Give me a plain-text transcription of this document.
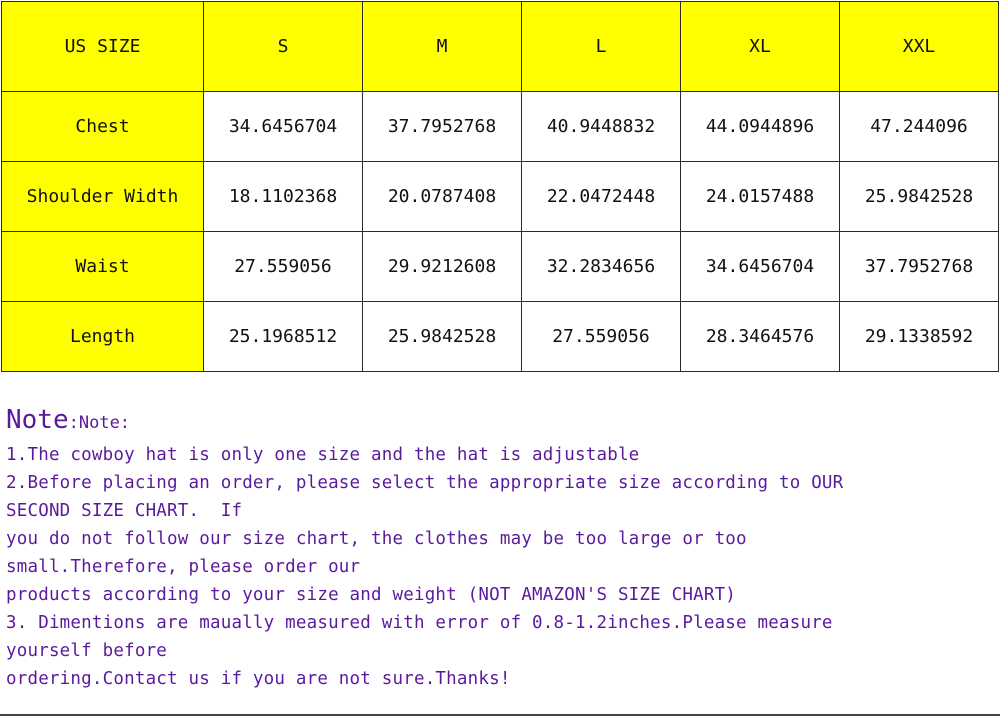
US SIZE	S	M	L	XL	XXL
Chest	34.6456704	37.7952768	40.9448832	44.0944896	47.244096
Shoulder Width	18.1102368	20.0787408	22.0472448	24.0157488	25.9842528
Waist	27.559056	29.9212608	32.2834656	34.6456704	37.7952768
Length	25.1968512	25.9842528	27.559056	28.3464576	29.1338592
Note:Note:
1.The cowboy hat is only one size and the hat is adjustable
2.Before placing an order, please select the appropriate size according to OUR
SECOND SIZE CHART.  If
you do not follow our size chart, the clothes may be too large or too
small.Therefore, please order our
products according to your size and weight (NOT AMAZON'S SIZE CHART)
3. Dimentions are maually measured with error of 0.8-1.2inches.Please measure
yourself before
ordering.Contact us if you are not sure.Thanks!
